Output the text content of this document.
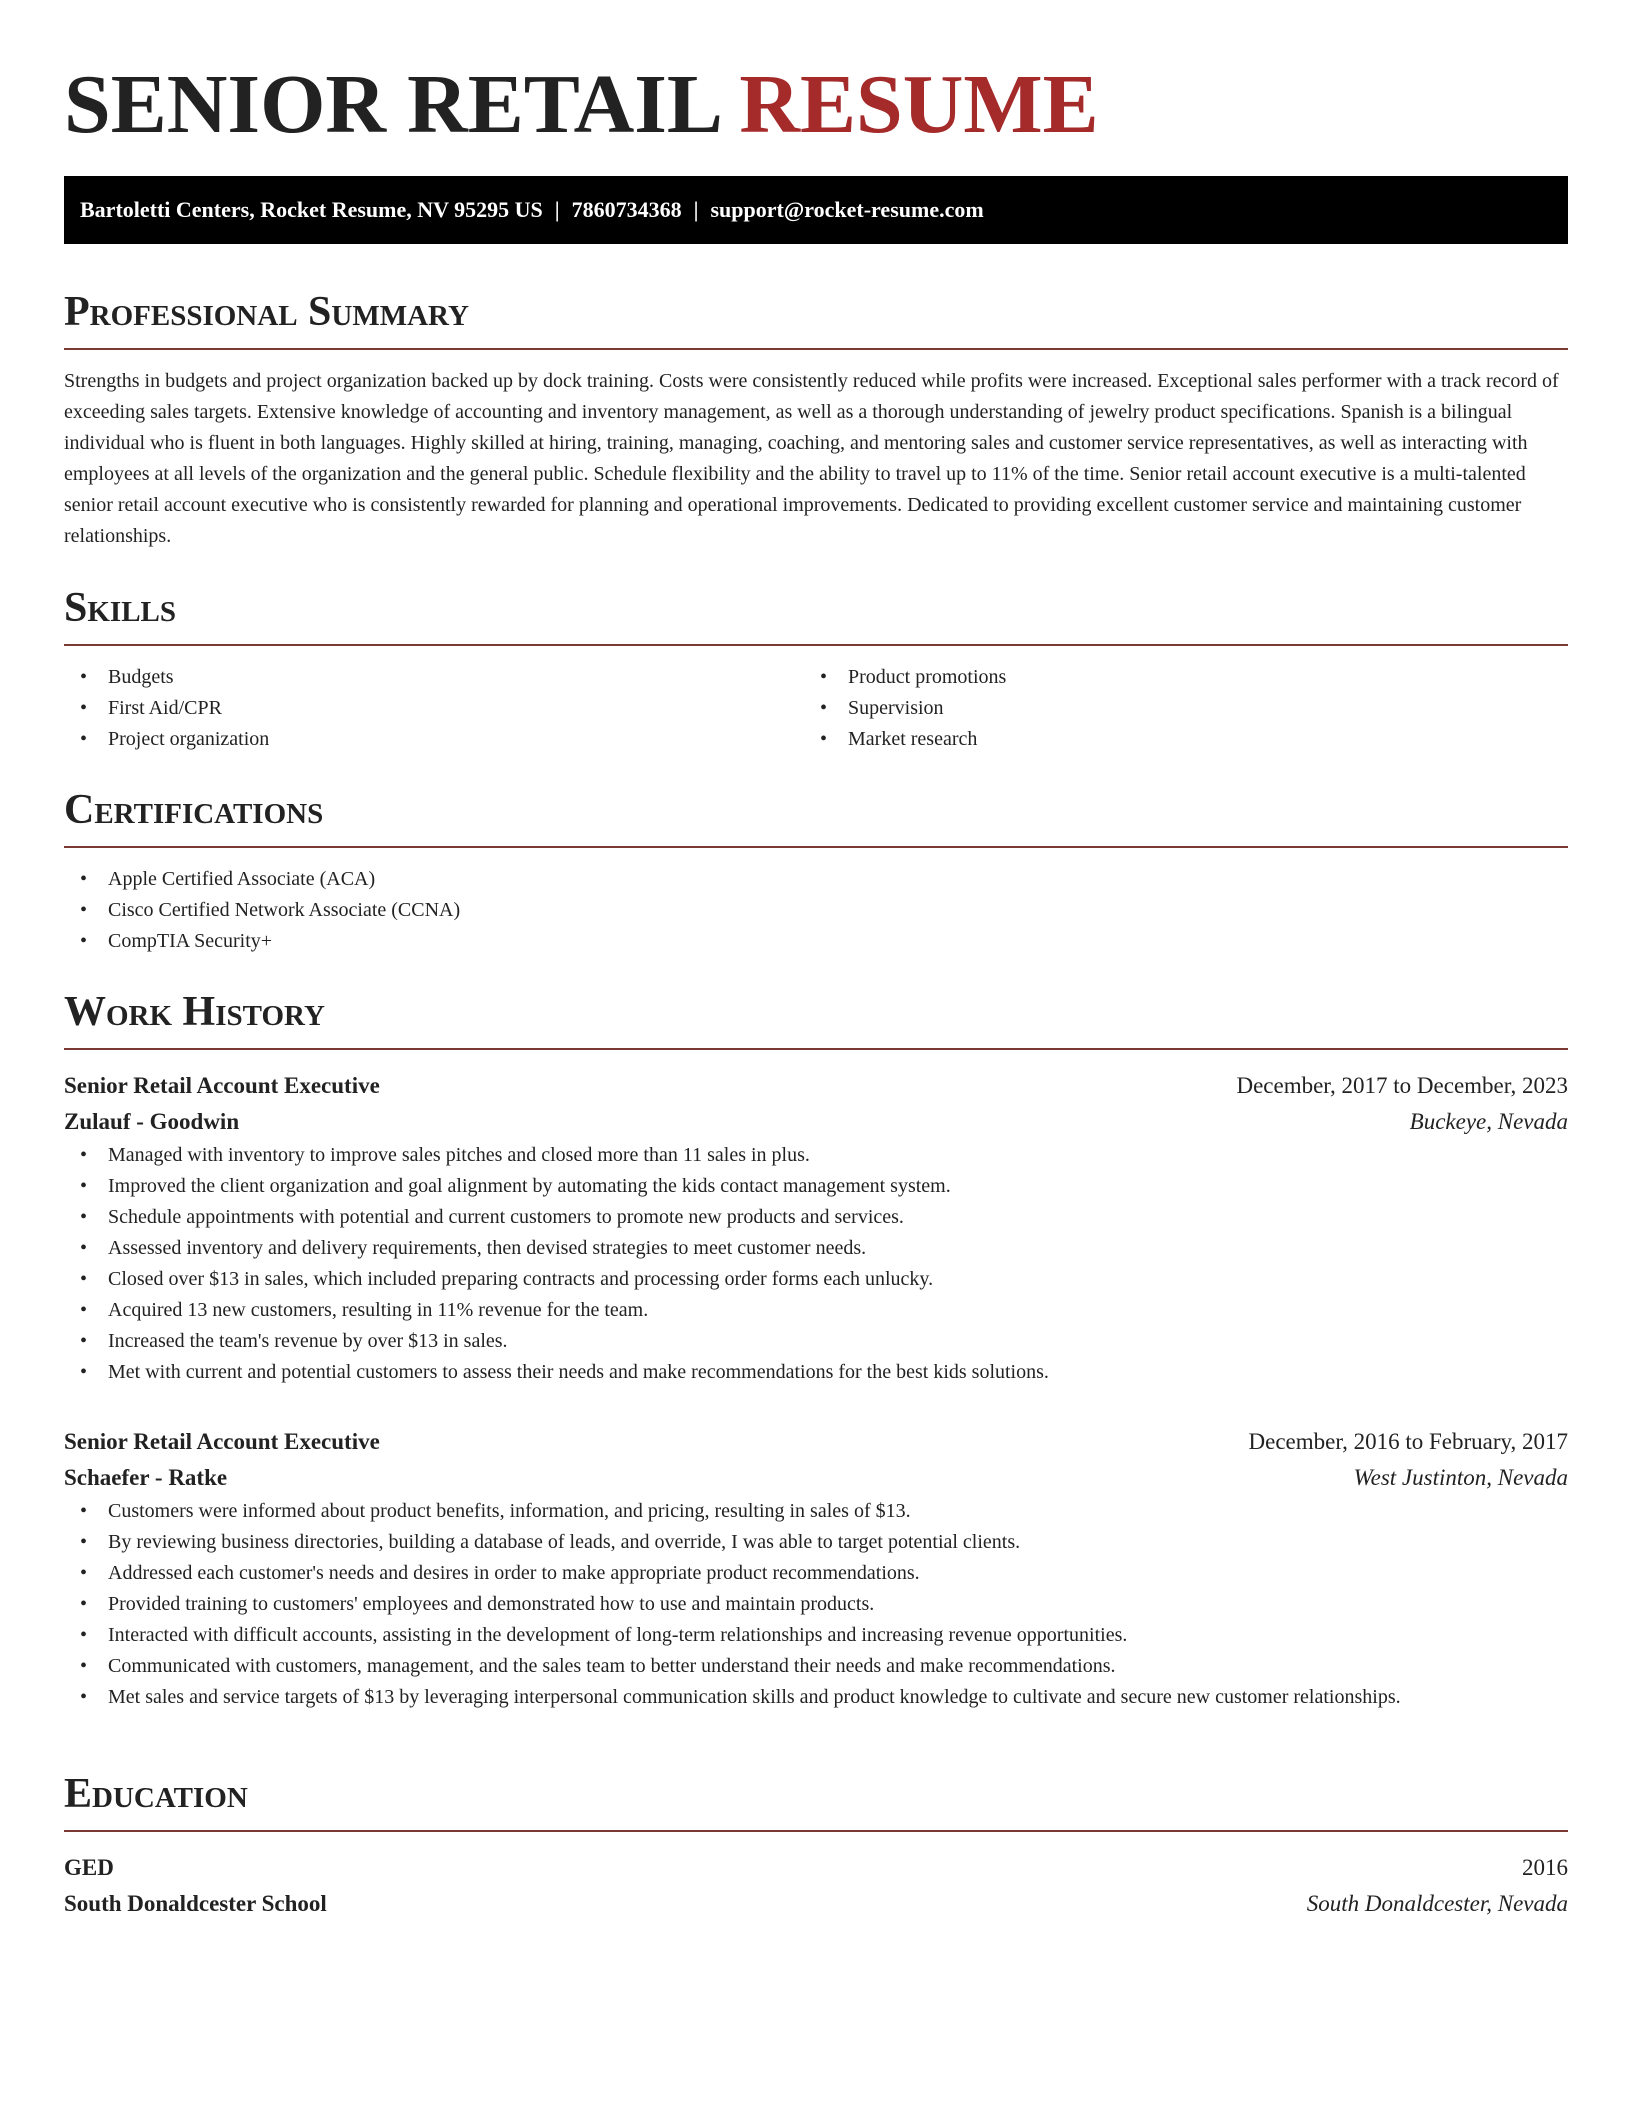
SENIOR RETAIL RESUME
Bartoletti Centers, Rocket Resume, NV 95295 US | 7860734368 | support@rocket-resume.com
Professional Summary

Strengths in budgets and project organization backed up by dock training. Costs were consistently reduced while profits were increased. Exceptional sales performer with a track record of exceeding sales targets. Extensive knowledge of accounting and inventory management, as well as a thorough understanding of jewelry product specifications. Spanish is a bilingual individual who is fluent in both languages. Highly skilled at hiring, training, managing, coaching, and mentoring sales and customer service representatives, as well as interacting with employees at all levels of the organization and the general public. Schedule flexibility and the ability to travel up to 11% of the time. Senior retail account executive is a multi-talented senior retail account executive who is consistently rewarded for planning and operational improvements. Dedicated to providing excellent customer service and maintaining customer relationships.

Skills
• Budgets
• First Aid/CPR
• Project organization
• Product promotions
• Supervision
• Market research
Certifications
• Apple Certified Associate (ACA)
• Cisco Certified Network Associate (CCNA)
• CompTIA Security+
Work History
Senior Retail Account Executive	December, 2017 to December, 2023
Zulauf - Goodwin	Buckeye, Nevada
• Managed with inventory to improve sales pitches and closed more than 11 sales in plus.
• Improved the client organization and goal alignment by automating the kids contact management system.
• Schedule appointments with potential and current customers to promote new products and services.
• Assessed inventory and delivery requirements, then devised strategies to meet customer needs.
• Closed over $13 in sales, which included preparing contracts and processing order forms each unlucky.
• Acquired 13 new customers, resulting in 11% revenue for the team.
• Increased the team's revenue by over $13 in sales.
• Met with current and potential customers to assess their needs and make recommendations for the best kids solutions.
Senior Retail Account Executive	December, 2016 to February, 2017
Schaefer - Ratke	West Justinton, Nevada
• Customers were informed about product benefits, information, and pricing, resulting in sales of $13.
• By reviewing business directories, building a database of leads, and override, I was able to target potential clients.
• Addressed each customer's needs and desires in order to make appropriate product recommendations.
• Provided training to customers' employees and demonstrated how to use and maintain products.
• Interacted with difficult accounts, assisting in the development of long-term relationships and increasing revenue opportunities.
• Communicated with customers, management, and the sales team to better understand their needs and make recommendations.
• Met sales and service targets of $13 by leveraging interpersonal communication skills and product knowledge to cultivate and secure new customer relationships.
Education
GED	2016
South Donaldcester School	South Donaldcester, Nevada
